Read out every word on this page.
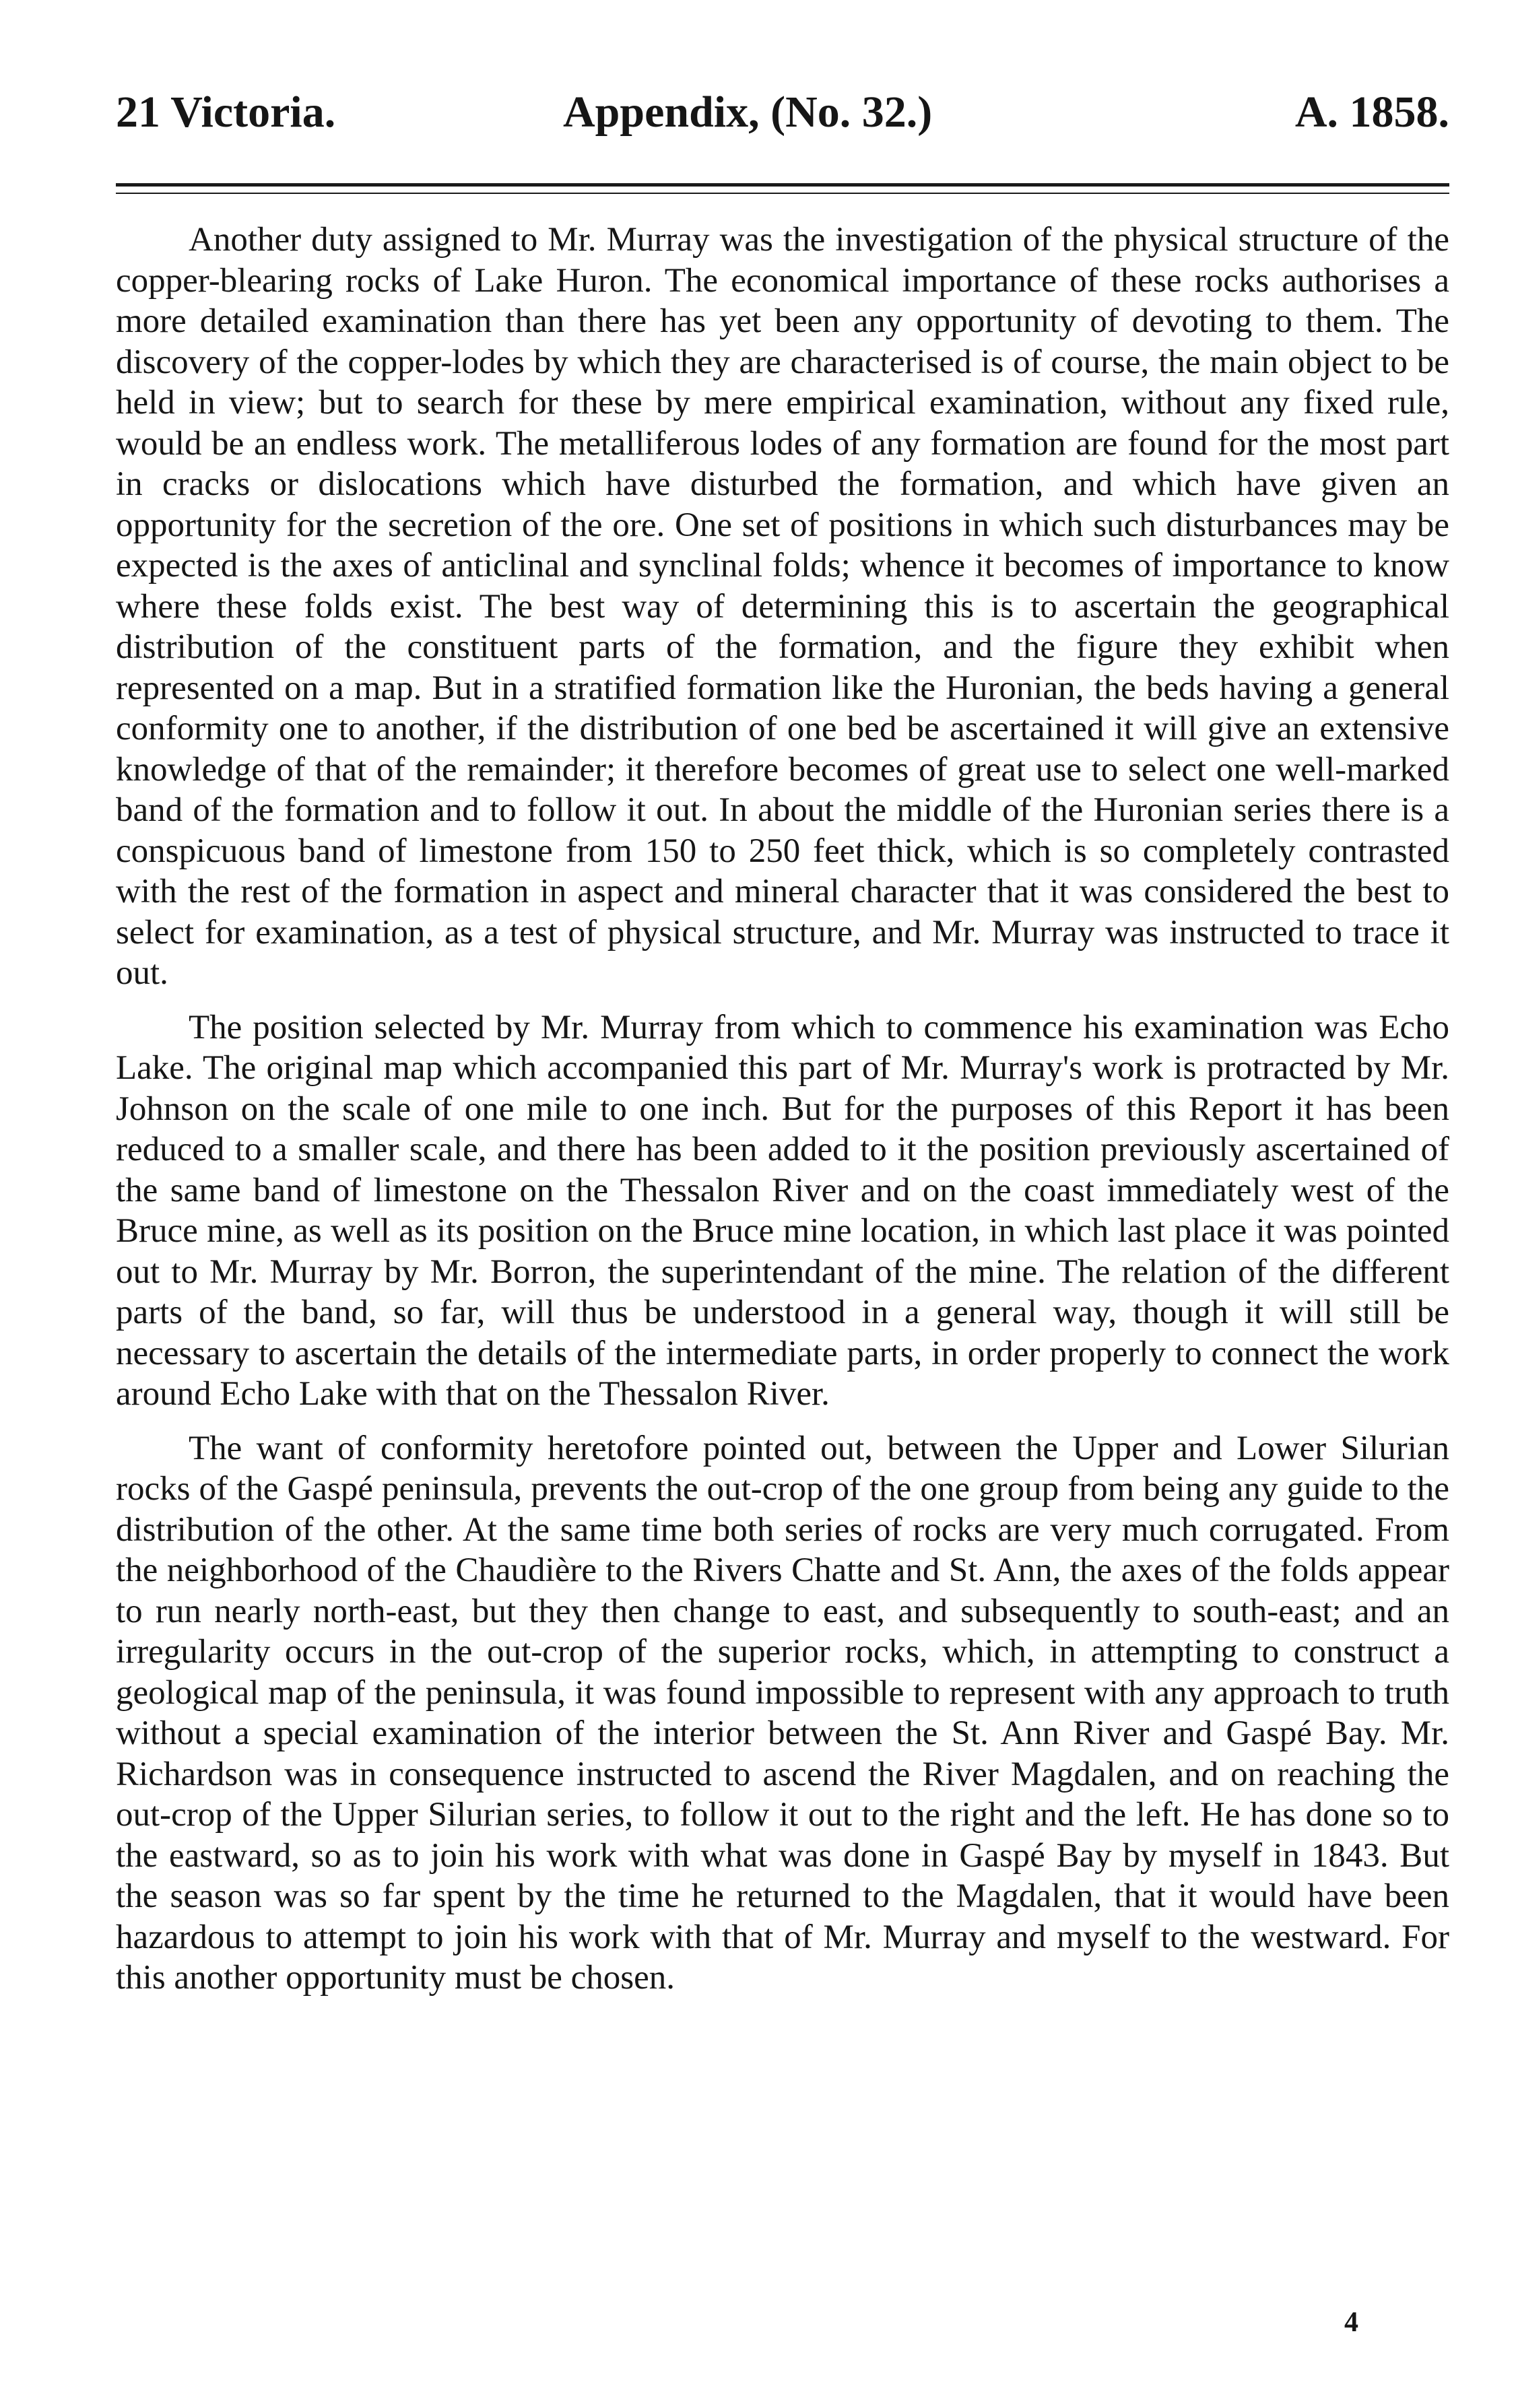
21 Victoria.	Appendix, (No. 32.)	A. 1858.

Another duty assigned to Mr. Murray was the investigation of the physical structure of the copper-blearing rocks of Lake Huron. The economical importance of these rocks authorises a more detailed examination than there has yet been any opportunity of devoting to them. The discovery of the copper-lodes by which they are characterised is of course, the main object to be held in view; but to search for these by mere empirical examination, without any fixed rule, would be an endless work. The metalliferous lodes of any formation are found for the most part in cracks or dislocations which have disturbed the formation, and which have given an opportunity for the secretion of the ore. One set of positions in which such disturbances may be expected is the axes of anticlinal and synclinal folds; whence it becomes of importance to know where these folds exist. The best way of determining this is to ascertain the geographical distribution of the constituent parts of the formation, and the figure they exhibit when represented on a map. But in a stratified formation like the Huronian, the beds having a general conformity one to another, if the distribution of one bed be ascertained it will give an extensive knowledge of that of the remainder; it therefore becomes of great use to select one well-marked band of the formation and to follow it out. In about the middle of the Huronian series there is a conspicuous band of limestone from 150 to 250 feet thick, which is so completely contrasted with the rest of the formation in aspect and mineral character that it was considered the best to select for examination, as a test of physical structure, and Mr. Murray was instructed to trace it out.

The position selected by Mr. Murray from which to commence his examination was Echo Lake. The original map which accompanied this part of Mr. Murray's work is protracted by Mr. Johnson on the scale of one mile to one inch. But for the purposes of this Report it has been reduced to a smaller scale, and there has been added to it the position previously ascertained of the same band of limestone on the Thessalon River and on the coast immediately west of the Bruce mine, as well as its position on the Bruce mine location, in which last place it was pointed out to Mr. Murray by Mr. Borron, the superintendant of the mine. The relation of the different parts of the band, so far, will thus be understood in a general way, though it will still be necessary to ascertain the details of the intermediate parts, in order properly to connect the work around Echo Lake with that on the Thessalon River.

The want of conformity heretofore pointed out, between the Upper and Lower Silurian rocks of the Gaspé peninsula, prevents the out-crop of the one group from being any guide to the distribution of the other. At the same time both series of rocks are very much corrugated. From the neighborhood of the Chaudière to the Rivers Chatte and St. Ann, the axes of the folds appear to run nearly north-east, but they then change to east, and subsequently to south-east; and an irregularity occurs in the out-crop of the superior rocks, which, in attempting to construct a geological map of the peninsula, it was found impossible to represent with any approach to truth without a special examination of the interior between the St. Ann River and Gaspé Bay. Mr. Richardson was in consequence instructed to ascend the River Magdalen, and on reaching the out-crop of the Upper Silurian series, to follow it out to the right and the left. He has done so to the eastward, so as to join his work with what was done in Gaspé Bay by myself in 1843. But the season was so far spent by the time he returned to the Magdalen, that it would have been hazardous to attempt to join his work with that of Mr. Murray and myself to the westward. For this another opportunity must be chosen.

4
